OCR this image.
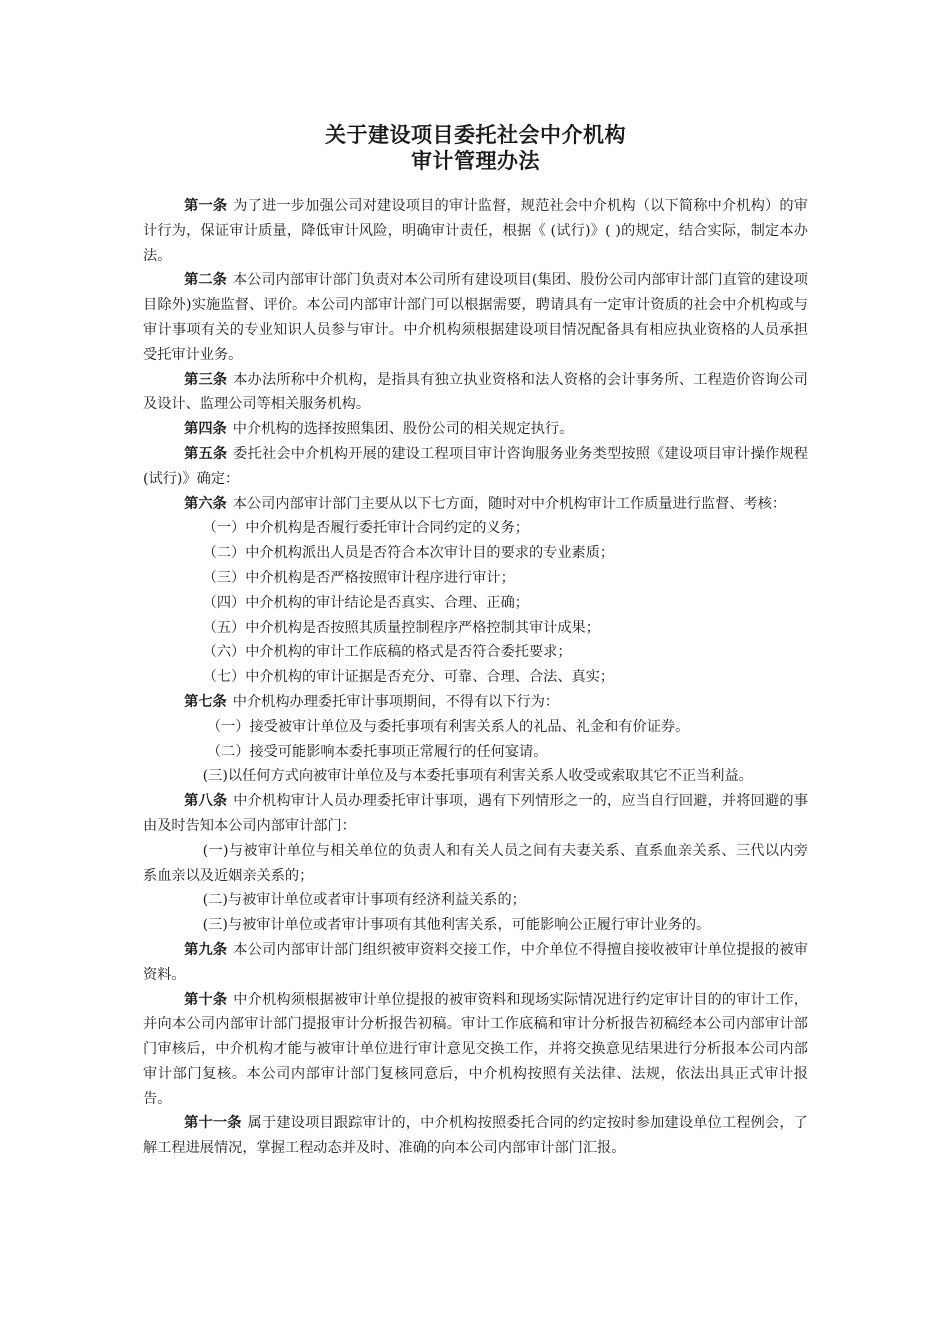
关于建设项目委托社会中介机构
审计管理办法

第一条 为了进一步加强公司对建设项目的审计监督，规范社会中介机构（以下简称中介机构）的审计行为，保证审计质量，降低审计风险，明确审计责任，根据《 (试行)》( )的规定，结合实际，制定本办法。

第二条 本公司内部审计部门负责对本公司所有建设项目(集团、股份公司内部审计部门直管的建设项目除外)实施监督、评价。本公司内部审计部门可以根据需要，聘请具有一定审计资质的社会中介机构或与审计事项有关的专业知识人员参与审计。中介机构须根据建设项目情况配备具有相应执业资格的人员承担受托审计业务。

第三条 本办法所称中介机构，是指具有独立执业资格和法人资格的会计事务所、工程造价咨询公司及设计、监理公司等相关服务机构。

第四条 中介机构的选择按照集团、股份公司的相关规定执行。

第五条 委托社会中介机构开展的建设工程项目审计咨询服务业务类型按照《建设项目审计操作规程(试行)》确定：

第六条 本公司内部审计部门主要从以下七方面，随时对中介机构审计工作质量进行监督、考核：

（一）中介机构是否履行委托审计合同约定的义务；

（二）中介机构派出人员是否符合本次审计目的要求的专业素质；

（三）中介机构是否严格按照审计程序进行审计；

（四）中介机构的审计结论是否真实、合理、正确；

（五）中介机构是否按照其质量控制程序严格控制其审计成果；

（六）中介机构的审计工作底稿的格式是否符合委托要求；

（七）中介机构的审计证据是否充分、可靠、合理、合法、真实；

第七条 中介机构办理委托审计事项期间，不得有以下行为：

（一）接受被审计单位及与委托事项有利害关系人的礼品、礼金和有价证券。

（二）接受可能影响本委托事项正常履行的任何宴请。

(三)以任何方式向被审计单位及与本委托事项有利害关系人收受或索取其它不正当利益。

第八条 中介机构审计人员办理委托审计事项，遇有下列情形之一的，应当自行回避，并将回避的事由及时告知本公司内部审计部门：

(一)与被审计单位与相关单位的负责人和有关人员之间有夫妻关系、直系血亲关系、三代以内旁系血亲以及近姻亲关系的；

(二)与被审计单位或者审计事项有经济利益关系的；

(三)与被审计单位或者审计事项有其他利害关系，可能影响公正履行审计业务的。

第九条 本公司内部审计部门组织被审资料交接工作，中介单位不得擅自接收被审计单位提报的被审资料。

第十条 中介机构须根据被审计单位提报的被审资料和现场实际情况进行约定审计目的的审计工作，并向本公司内部审计部门提报审计分析报告初稿。审计工作底稿和审计分析报告初稿经本公司内部审计部门审核后，中介机构才能与被审计单位进行审计意见交换工作，并将交换意见结果进行分析报本公司内部审计部门复核。本公司内部审计部门复核同意后，中介机构按照有关法律、法规，依法出具正式审计报告。

第十一条 属于建设项目跟踪审计的，中介机构按照委托合同的约定按时参加建设单位工程例会，了解工程进展情况，掌握工程动态并及时、准确的向本公司内部审计部门汇报。
